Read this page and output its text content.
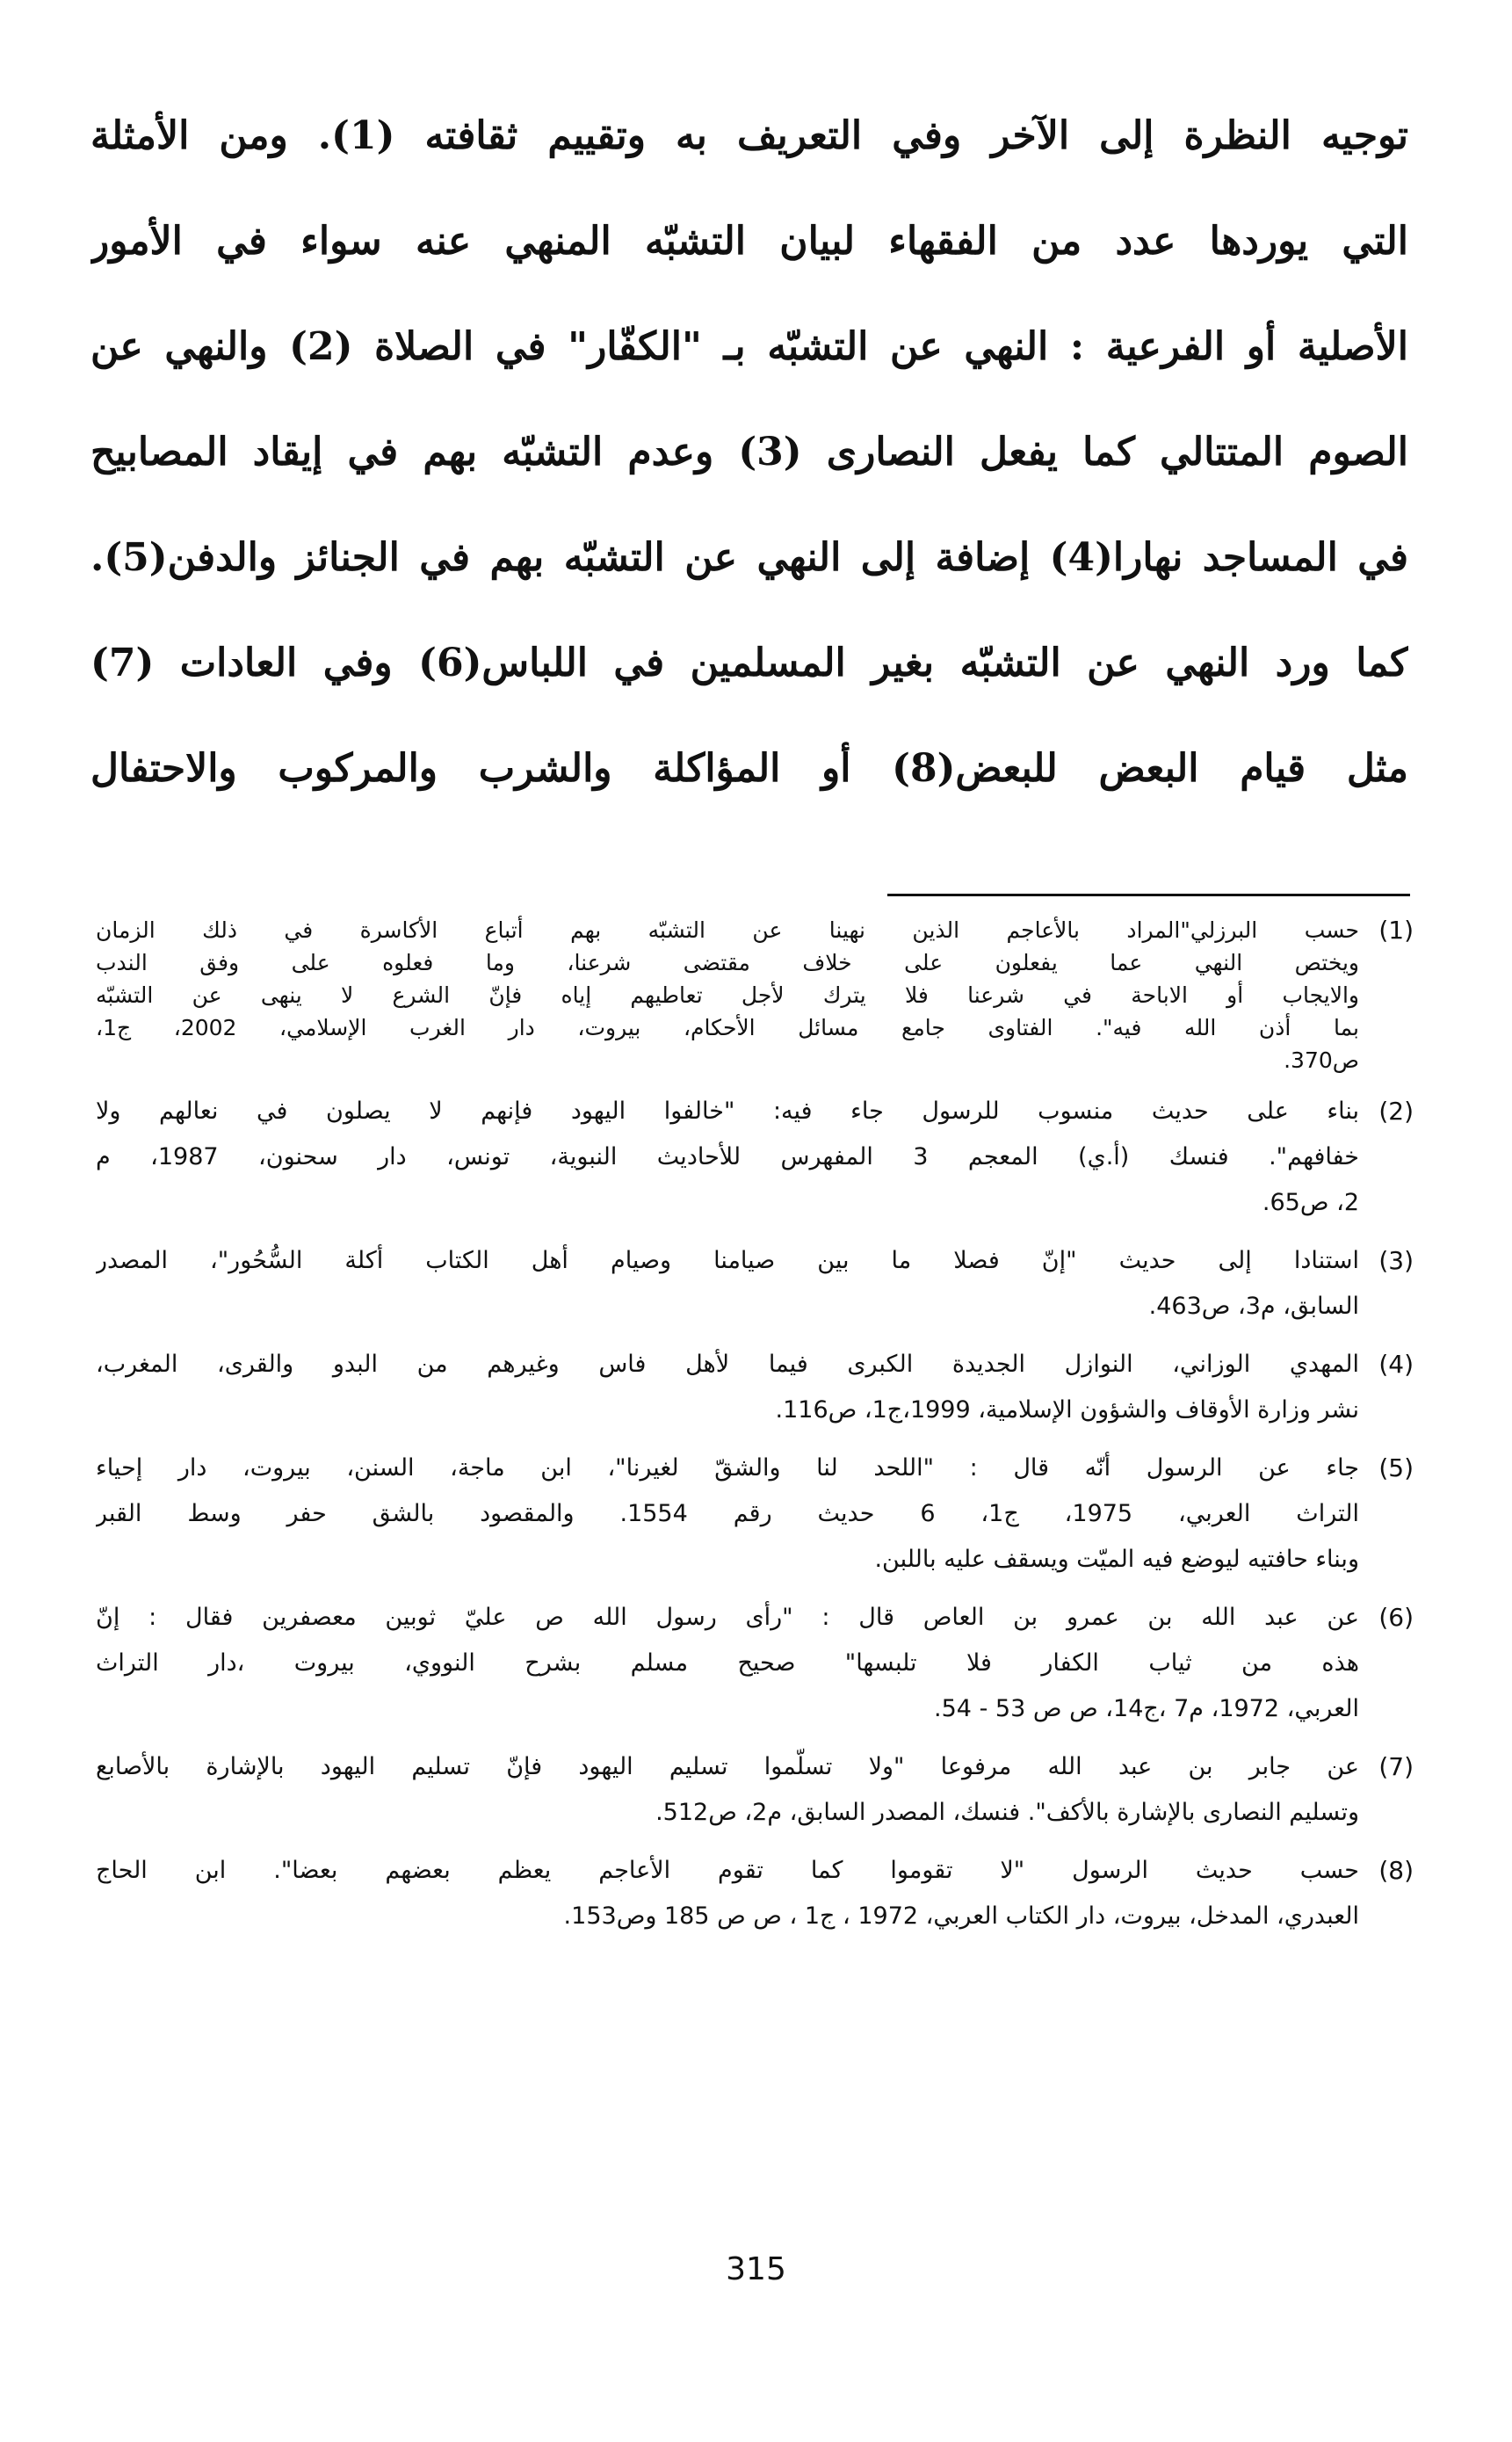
توجيه النظرة إلى الآخر وفي التعريف به وتقييم ثقافته (1). ومن الأمثلة
التي يوردها عدد من الفقهاء لبيان التشبّه المنهي عنه سواء في الأمور
الأصلية أو الفرعية : النهي عن التشبّه بـ "الكفّار" في الصلاة (2) والنهي عن
الصوم المتتالي كما يفعل النصارى (3) وعدم التشبّه بهم في إيقاد المصابيح
في المساجد نهارا(4) إضافة إلى النهي عن التشبّه بهم في الجنائز والدفن(5).
كما ورد النهي عن التشبّه بغير المسلمين في اللباس(6) وفي العادات (7)
مثل قيام البعض للبعض(8) أو المؤاكلة والشرب والمركوب والاحتفال
(1)
حسب البرزلي"المراد بالأعاجم الذين نهينا عن التشبّه بهم أتباع الأكاسرة في ذلك الزمان
ويختص النهي عما يفعلون على خلاف مقتضى شرعنا، وما فعلوه على وفق الندب
والايجاب أو الاباحة في شرعنا فلا يترك لأجل تعاطيهم إياه فإنّ الشرع لا ينهى عن التشبّه
بما أذن الله فيه". الفتاوى جامع مسائل الأحكام، بيروت، دار الغرب الإسلامي، 2002، ج1،
ص370.
(2)
بناء على حديث منسوب للرسول جاء فيه: "خالفوا اليهود فإنهم لا يصلون في نعالهم ولا
خفافهم". فنسك (أ.ي) المعجم 3 المفهرس للأحاديث النبوية، تونس، دار سحنون، 1987، م
2، ص65.
(3)
استنادا إلى حديث "إنّ فصلا ما بين صيامنا وصيام أهل الكتاب أكلة السُّحُور"، المصدر
السابق، م3، ص463.
(4)
المهدي الوزاني، النوازل الجديدة الكبرى فيما لأهل فاس وغيرهم من البدو والقرى، المغرب،
نشر وزارة الأوقاف والشؤون الإسلامية، 1999،ج1، ص116.
(5)
جاء عن الرسول أنّه قال : "اللحد لنا والشقّ لغيرنا"، ابن ماجة، السنن، بيروت، دار إحياء
التراث العربي، 1975، ج1، 6 حديث رقم 1554. والمقصود بالشق حفر وسط القبر
وبناء حافتيه ليوضع فيه الميّت ويسقف عليه باللبن.
(6)
عن عبد الله بن عمرو بن العاص قال : "رأى رسول الله ص عليّ ثوبين معصفرين فقال : إنّ
هذه من ثياب الكفار فلا تلبسها" صحيح مسلم بشرح النووي، بيروت ،دار التراث
العربي، 1972، م7 ،ج14، ص ص 53 - 54.
(7)
عن جابر بن عبد الله مرفوعا "ولا تسلّموا تسليم اليهود فإنّ تسليم اليهود بالإشارة بالأصابع
وتسليم النصارى بالإشارة بالأكف". فنسك، المصدر السابق، م2، ص512.
(8)
حسب حديث الرسول "لا تقوموا كما تقوم الأعاجم يعظم بعضهم بعضا". ابن الحاج
العبدري، المدخل، بيروت، دار الكتاب العربي، 1972 ، ج1 ، ص ص 185 وص153.
315
